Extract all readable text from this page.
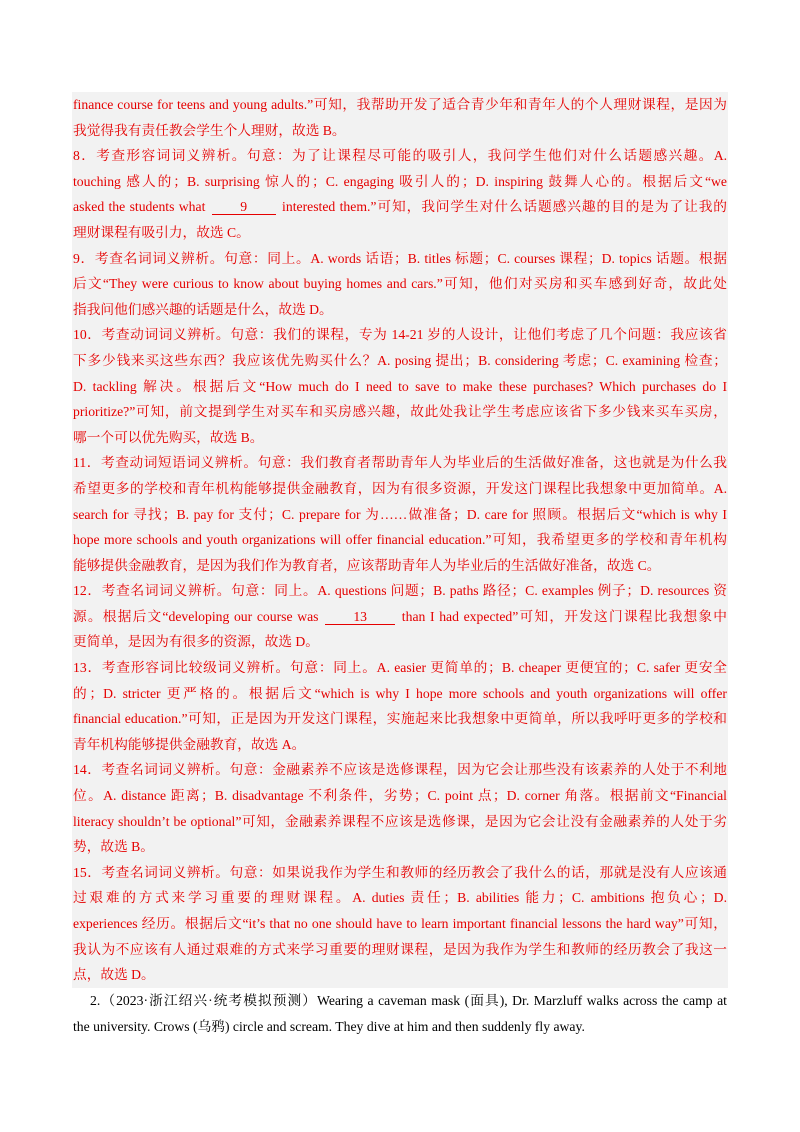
finance course for teens and young adults.”可知，我帮助开发了适合青少年和青年人的个人理财课程，是因为
我觉得我有责任教会学生个人理财，故选 B。
8．考查形容词词义辨析。句意：为了让课程尽可能的吸引人，我问学生他们对什么话题感兴趣。A.
touching 感人的；B. surprising 惊人的；C. engaging 吸引人的；D. inspiring 鼓舞人心的。根据后文“we
asked the students what 9 interested them.”可知，我问学生对什么话题感兴趣的目的是为了让我的
理财课程有吸引力，故选 C。
9．考查名词词义辨析。句意：同上。A. words 话语；B. titles 标题；C. courses 课程；D. topics 话题。根据
后文“They were curious to know about buying homes and cars.”可知，他们对买房和买车感到好奇，故此处
指我问他们感兴趣的话题是什么，故选 D。
10．考查动词词义辨析。句意：我们的课程，专为 14-21 岁的人设计，让他们考虑了几个问题：我应该省
下多少钱来买这些东西？我应该优先购买什么？A. posing 提出；B. considering 考虑；C. examining 检查；
D. tackling 解决。根据后文“How much do I need to save to make these purchases? Which purchases do I
prioritize?”可知，前文提到学生对买车和买房感兴趣，故此处我让学生考虑应该省下多少钱来买车买房，
哪一个可以优先购买，故选 B。
11．考查动词短语词义辨析。句意：我们教育者帮助青年人为毕业后的生活做好准备，这也就是为什么我
希望更多的学校和青年机构能够提供金融教育，因为有很多资源，开发这门课程比我想象中更加简单。A.
search for 寻找；B. pay for 支付；C. prepare for 为……做准备；D. care for 照顾。根据后文“which is why I
hope more schools and youth organizations will offer financial education.”可知，我希望更多的学校和青年机构
能够提供金融教育，是因为我们作为教育者，应该帮助青年人为毕业后的生活做好准备，故选 C。
12．考查名词词义辨析。句意：同上。A. questions 问题；B. paths 路径；C. examples 例子；D. resources 资
源。根据后文“developing our course was 13 than I had expected”可知，开发这门课程比我想象中
更简单，是因为有很多的资源，故选 D。
13．考查形容词比较级词义辨析。句意：同上。A. easier 更简单的；B. cheaper 更便宜的；C. safer 更安全
的；D. stricter 更严格的。根据后文“which is why I hope more schools and youth organizations will offer
financial education.”可知，正是因为开发这门课程，实施起来比我想象中更简单，所以我呼吁更多的学校和
青年机构能够提供金融教育，故选 A。
14．考查名词词义辨析。句意：金融素养不应该是选修课程，因为它会让那些没有该素养的人处于不利地
位。A. distance 距离；B. disadvantage 不利条件，劣势；C. point 点；D. corner 角落。根据前文“Financial
literacy shouldn’t be optional”可知，金融素养课程不应该是选修课，是因为它会让没有金融素养的人处于劣
势，故选 B。
15．考查名词词义辨析。句意：如果说我作为学生和教师的经历教会了我什么的话，那就是没有人应该通
过艰难的方式来学习重要的理财课程。A. duties 责任；B. abilities 能力；C. ambitions 抱负心；D.
experiences 经历。根据后文“it’s that no one should have to learn important financial lessons the hard way”可知，
我认为不应该有人通过艰难的方式来学习重要的理财课程，是因为我作为学生和教师的经历教会了我这一
点，故选 D。
2.（2023·浙江绍兴·统考模拟预测）Wearing a caveman mask (面具), Dr. Marzluff walks across the camp at
the university. Crows (乌鸦) circle and scream. They dive at him and then suddenly fly away.
